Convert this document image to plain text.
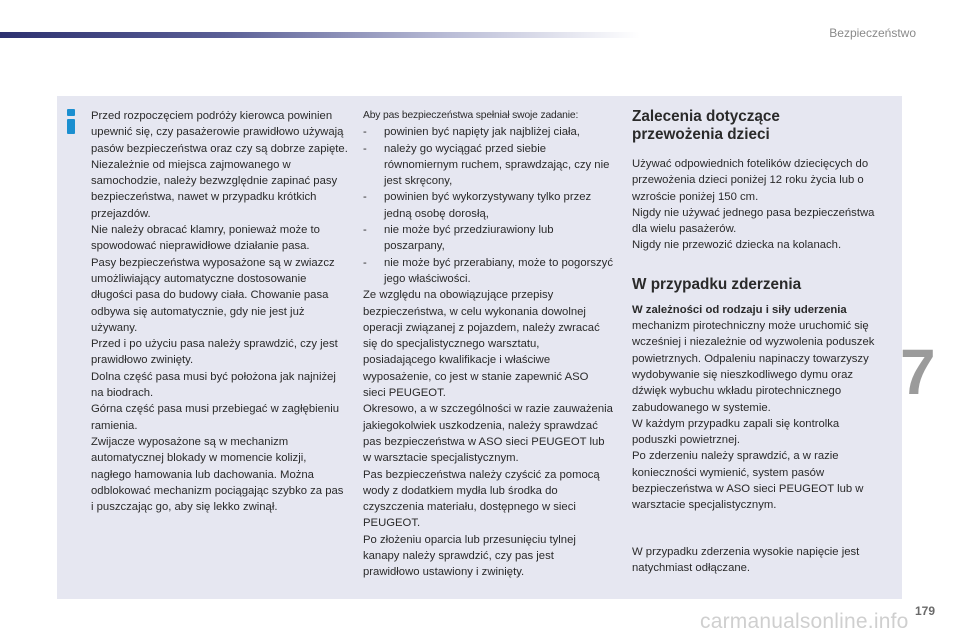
Bezpieczeństwo

Przed rozpoczęciem podróży kierowca powinien upewnić się, czy pasażerowie prawidłowo używają pasów bezpieczeństwa oraz czy są dobrze zapięte.

Niezależnie od miejsca zajmowanego w samochodzie, należy bezwzględnie zapinać pasy bezpieczeństwa, nawet w przypadku krótkich przejazdów.

Nie należy obracać klamry, ponieważ może to spowodować nieprawidłowe działanie pasa.

Pasy bezpieczeństwa wyposażone są w zwiazcz umożliwiający automatyczne dostosowanie długości pasa do budowy ciała. Chowanie pasa odbywa się automatycznie, gdy nie jest już używany.

Przed i po użyciu pasa należy sprawdzić, czy jest prawidłowo zwinięty.

Dolna część pasa musi być położona jak najniżej na biodrach.

Górna część pasa musi przebiegać w zagłębieniu ramienia.

Zwijacze wyposażone są w mechanizm automatycznej blokady w momencie kolizji, nagłego hamowania lub dachowania. Można odblokować mechanizm pociągając szybko za pas i puszczając go, aby się lekko zwinął.

Aby pas bezpieczeństwa spełniał swoje zadanie:

- powinien być napięty jak najbliżej ciała,
- należy go wyciągać przed siebie równomiernym ruchem, sprawdzając, czy nie jest skręcony,
- powinien być wykorzystywany tylko przez jedną osobę dorosłą,
- nie może być przedziurawiony lub poszarpany,
- nie może być przerabiany, może to pogorszyć jego właściwości.

Ze względu na obowiązujące przepisy bezpieczeństwa, w celu wykonania dowolnej operacji związanej z pojazdem, należy zwracać się do specjalistycznego warsztatu, posiadającego kwalifikacje i właściwe wyposażenie, co jest w stanie zapewnić ASO sieci PEUGEOT.

Okresowo, a w szczególności w razie zauważenia jakiegokolwiek uszkodzenia, należy sprawdzać pas bezpieczeństwa w ASO sieci PEUGEOT lub w warsztacie specjalistycznym.

Pas bezpieczeństwa należy czyścić za pomocą wody z dodatkiem mydła lub środka do czyszczenia materiału, dostępnego w sieci PEUGEOT.

Po złożeniu oparcia lub przesunięciu tylnej kanapy należy sprawdzić, czy pas jest prawidłowo ustawiony i zwinięty.

Zalecenia dotyczące
przewożenia dzieci

Używać odpowiednich fotelików dziecięcych do przewożenia dzieci poniżej 12 roku życia lub o wzroście poniżej 150 cm.

Nigdy nie używać jednego pasa bezpieczeństwa dla wielu pasażerów.

Nigdy nie przewozić dziecka na kolanach.

W przypadku zderzenia

W zależności od rodzaju i siły uderzenia

mechanizm pirotechniczny może uruchomić się wcześniej i niezależnie od wyzwolenia poduszek powietrznych. Odpaleniu napinaczy towarzyszy wydobywanie się nieszkodliwego dymu oraz dźwięk wybuchu wkładu pirotechnicznego zabudowanego w systemie.

W każdym przypadku zapali się kontrolka poduszki powietrznej.

Po zderzeniu należy sprawdzić, a w razie konieczności wymienić, system pasów bezpieczeństwa w ASO sieci PEUGEOT lub w warsztacie specjalistycznym.

W przypadku zderzenia wysokie napięcie jest natychmiast odłączane.

7
carmanualsonline.info 179
